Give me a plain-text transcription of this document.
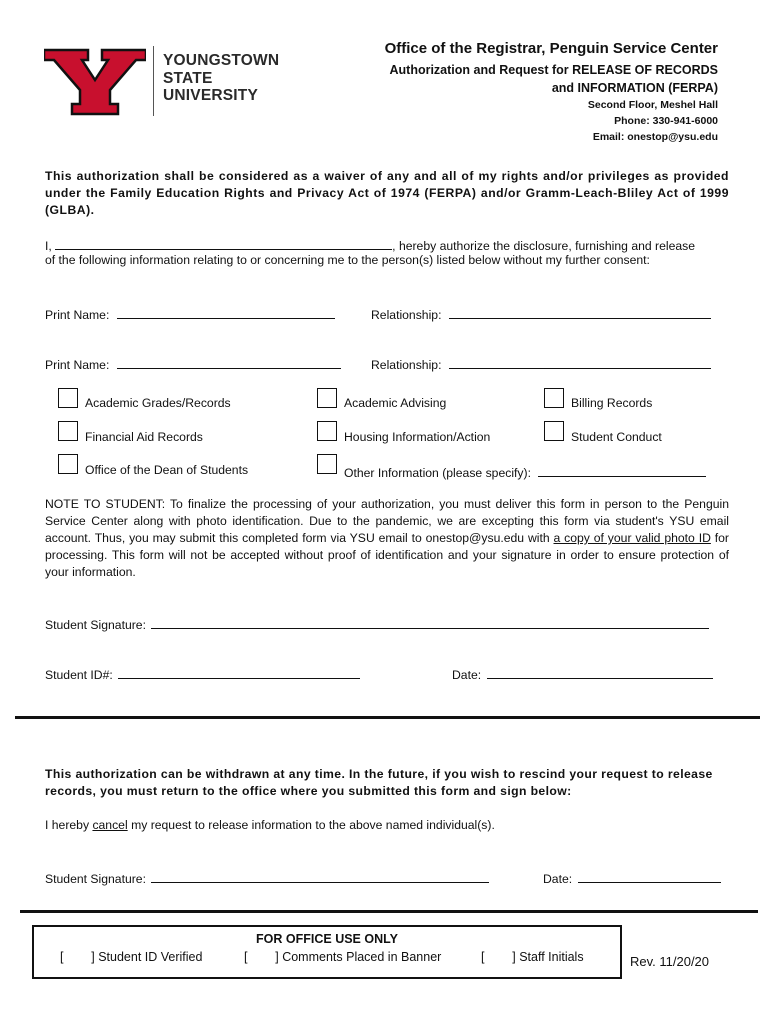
YOUNGSTOWN
STATE
UNIVERSITY
Office of the Registrar, Penguin Service Center
Authorization and Request for RELEASE OF RECORDS
and INFORMATION (FERPA)
Second Floor, Meshel Hall
Phone: 330-941-6000
Email: onestop@ysu.edu
This authorization shall be considered as a waiver of any and all of my rights and/or privileges as provided under the Family Education Rights and Privacy Act of 1974 (FERPA) and/or Gramm-Leach-Bliley Act of 1999 (GLBA).
I,	, hereby authorize the disclosure, furnishing and release
of the following information relating to or concerning me to the person(s) listed below without my further consent:
Print Name:	Relationship:
Print Name:	Relationship:
Academic Grades/Records	Academic Advising	Billing Records
Financial Aid Records	Housing Information/Action	Student Conduct
Office of the Dean of Students	Other Information (please specify):
NOTE TO STUDENT: To finalize the processing of your authorization, you must deliver this form in person to the Penguin Service Center along with photo identification. Due to the pandemic, we are excepting this form via student's YSU email account. Thus, you may submit this completed form via YSU email to onestop@ysu.edu with a copy of your valid photo ID for processing. This form will not be accepted without proof of identification and your signature in order to ensure protection of your information.
Student Signature:
Student ID#:	Date:
This authorization can be withdrawn at any time. In the future, if you wish to rescind your request to release records, you must return to the office where you submitted this form and sign below:
I hereby cancel my request to release information to the above named individual(s).
Student Signature:	Date:
FOR OFFICE USE ONLY
[        ] Student ID Verified	[        ] Comments Placed in Banner	[        ] Staff Initials	Rev. 11/20/20
